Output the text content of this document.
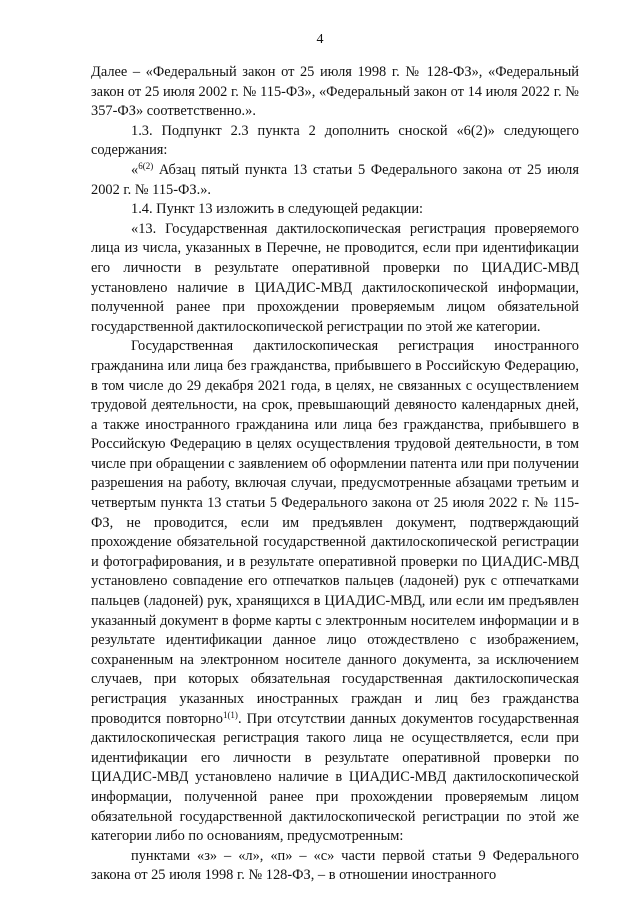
4

Далее – «Федеральный закон от 25 июля 1998 г. № 128-ФЗ», «Федеральный закон от 25 июля 2002 г. № 115-ФЗ», «Федеральный закон от 14 июля 2022 г. № 357-ФЗ» соответственно.».

1.3. Подпункт 2.3 пункта 2 дополнить сноской «6(2)» следующего содержания:

«$^{6(2)}$ Абзац пятый пункта 13 статьи 5 Федерального закона от 25 июля 2002 г. № 115-ФЗ.».

1.4. Пункт 13 изложить в следующей редакции:

«13. Государственная дактилоскопическая регистрация проверяемого лица из числа, указанных в Перечне, не проводится, если при идентификации его личности в результате оперативной проверки по ЦИАДИС-МВД установлено наличие в ЦИАДИС-МВД дактилоскопической информации, полученной ранее при прохождении проверяемым лицом обязательной государственной дактилоскопической регистрации по этой же категории.

Государственная дактилоскопическая регистрация иностранного гражданина или лица без гражданства, прибывшего в Российскую Федерацию, в том числе до 29 декабря 2021 года, в целях, не связанных с осуществлением трудовой деятельности, на срок, превышающий девяносто календарных дней, а также иностранного гражданина или лица без гражданства, прибывшего в Российскую Федерацию в целях осуществления трудовой деятельности, в том числе при обращении с заявлением об оформлении патента или при получении разрешения на работу, включая случаи, предусмотренные абзацами третьим и четвертым пункта 13 статьи 5 Федерального закона от 25 июля 2022 г. № 115-ФЗ, не проводится, если им предъявлен документ, подтверждающий прохождение обязательной государственной дактилоскопической регистрации и фотографирования, и в результате оперативной проверки по ЦИАДИС-МВД установлено совпадение его отпечатков пальцев (ладоней) рук с отпечатками пальцев (ладоней) рук, хранящихся в ЦИАДИС-МВД, или если им предъявлен указанный документ в форме карты с электронным носителем информации и в результате идентификации данное лицо отождествлено с изображением, сохраненным на электронном носителе данного документа, за исключением случаев, при которых обязательная государственная дактилоскопическая регистрация указанных иностранных граждан и лиц без гражданства проводится повторно$^{1(1)}$. При отсутствии данных документов государственная дактилоскопическая регистрация такого лица не осуществляется, если при идентификации его личности в результате оперативной проверки по ЦИАДИС-МВД установлено наличие в ЦИАДИС-МВД дактилоскопической информации, полученной ранее при прохождении проверяемым лицом обязательной государственной дактилоскопической регистрации по этой же категории либо по основаниям, предусмотренным:

пунктами «з» – «л», «п» – «с» части первой статьи 9 Федерального закона от 25 июля 1998 г. № 128-ФЗ, – в отношении иностранного
